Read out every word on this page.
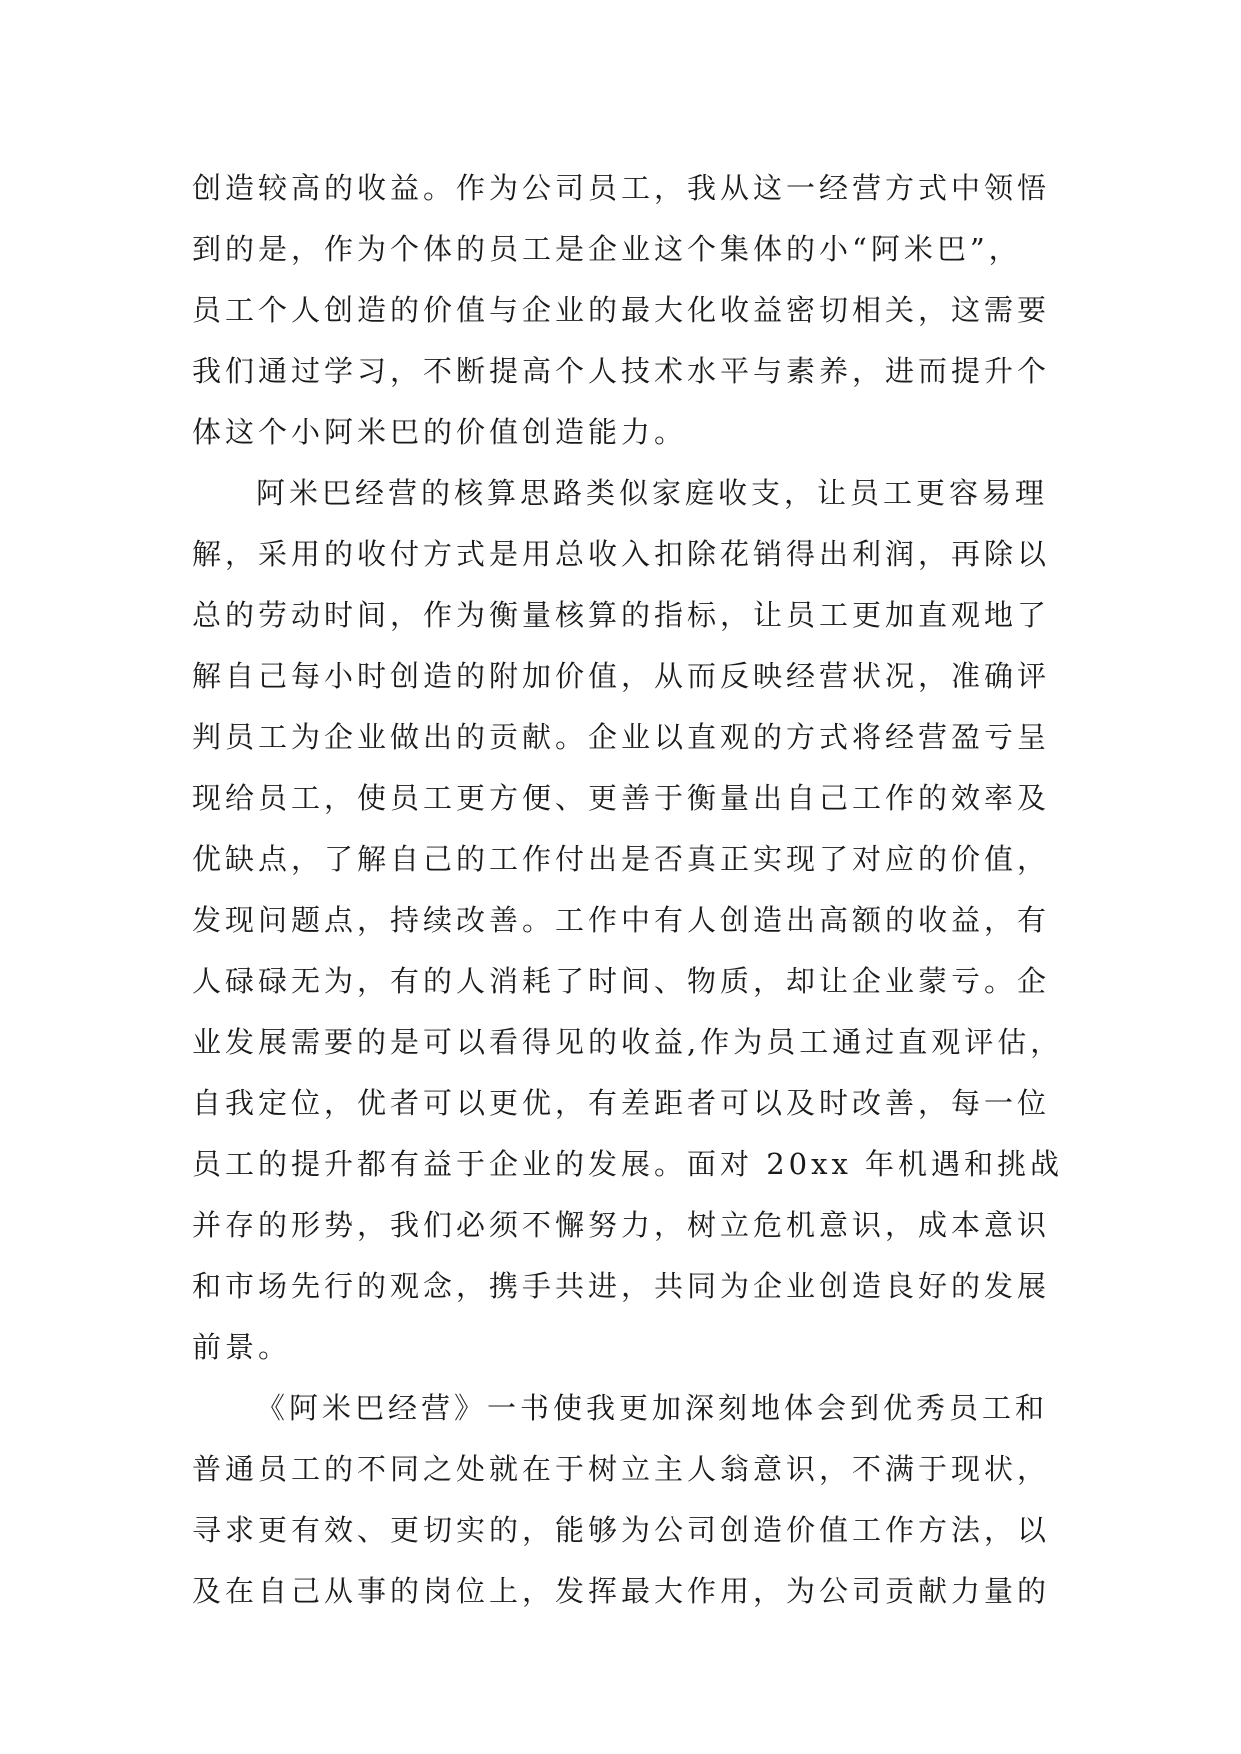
创造较高的收益。作为公司员工，我从这一经营方式中领悟
到的是，作为个体的员工是企业这个集体的小“阿米巴”，
员工个人创造的价值与企业的最大化收益密切相关，这需要
我们通过学习，不断提高个人技术水平与素养，进而提升个
体这个小阿米巴的价值创造能力。
阿米巴经营的核算思路类似家庭收支，让员工更容易理
解，采用的收付方式是用总收入扣除花销得出利润，再除以
总的劳动时间，作为衡量核算的指标，让员工更加直观地了
解自己每小时创造的附加价值，从而反映经营状况，准确评
判员工为企业做出的贡献。企业以直观的方式将经营盈亏呈
现给员工，使员工更方便、更善于衡量出自己工作的效率及
优缺点，了解自己的工作付出是否真正实现了对应的价值，
发现问题点，持续改善。工作中有人创造出高额的收益，有
人碌碌无为，有的人消耗了时间、物质，却让企业蒙亏。企
业发展需要的是可以看得见的收益,作为员工通过直观评估，
自我定位，优者可以更优，有差距者可以及时改善，每一位
员工的提升都有益于企业的发展。面对 20xx 年机遇和挑战
并存的形势，我们必须不懈努力，树立危机意识，成本意识
和市场先行的观念，携手共进，共同为企业创造良好的发展
前景。
《阿米巴经营》一书使我更加深刻地体会到优秀员工和
普通员工的不同之处就在于树立主人翁意识，不满于现状，
寻求更有效、更切实的，能够为公司创造价值工作方法，以
及在自己从事的岗位上，发挥最大作用，为公司贡献力量的
